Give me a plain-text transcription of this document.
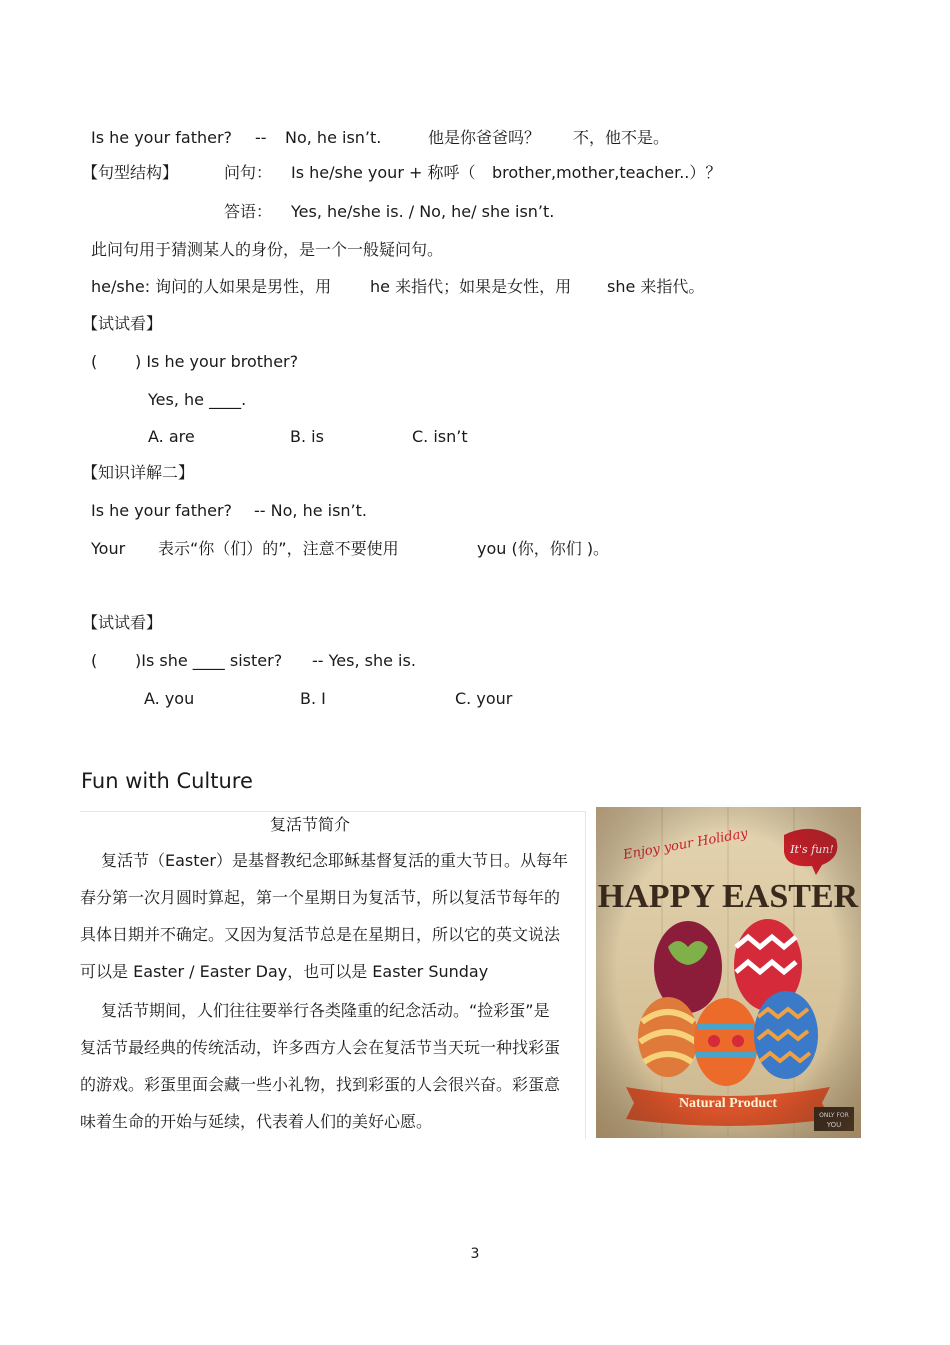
Is he your father? -- No, he isn’t.	他是你爸爸吗？ 不，他不是。
【句型结构】	问句： Is he/she your + 称呼（ brother,mother,teacher..）？
答语： Yes, he/she is. / No, he/ she isn’t.
此问句用于猜测某人的身份，是一个一般疑问句。
he/she: 询问的人如果是男性，用 he 来指代；如果是女性，用 she 来指代。
【试试看】
( ) Is he your brother?
Yes, he ____.
A. are	B. is	C. isn’t
【知识详解二】
Is he your father? -- No, he isn’t.
Your 表示“你（们）的”，注意不要使用	you (你，你们 )。
【试试看】
( )Is she ____ sister? -- Yes, she is.
A. you	B. I	C. your
Fun with Culture
复活节简介
复活节（Easter）是基督教纪念耶稣基督复活的重大节日。从每年
春分第一次月圆时算起，第一个星期日为复活节，所以复活节每年的
具体日期并不确定。又因为复活节总是在星期日，所以它的英文说法
可以是 Easter / Easter Day，也可以是 Easter Sunday
复活节期间，人们往往要举行各类隆重的纪念活动。“捡彩蛋”是
复活节最经典的传统活动，许多西方人会在复活节当天玩一种找彩蛋
的游戏。彩蛋里面会藏一些小礼物，找到彩蛋的人会很兴奋。彩蛋意
味着生命的开始与延续，代表着人们的美好心愿。
3
